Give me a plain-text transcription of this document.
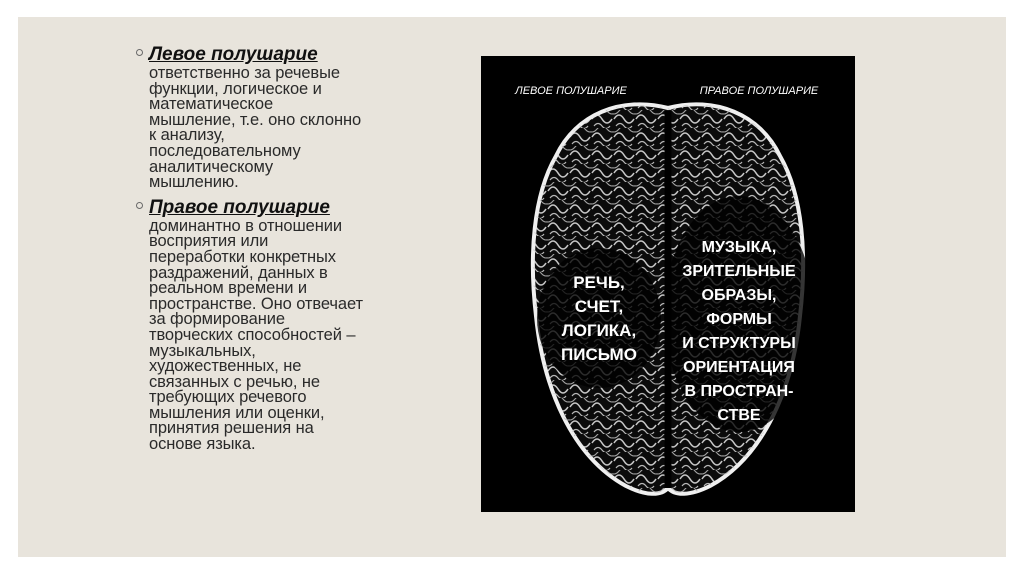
Левое полушарие
ответственно за речевые
функции, логическое и
математическое
мышление, т.е. оно склонно
к анализу,
последовательному
аналитическому
мышлению.
Правое полушарие
доминантно в отношении
восприятия или
переработки конкретных
раздражений, данных в
реальном времени и
пространстве. Оно отвечает
за формирование
творческих способностей –
музыкальных,
художественных, не
связанных с речью, не
требующих речевого
мышления или оценки,
принятия решения на
основе языка.
ЛЕВОЕ ПОЛУШАРИЕ	ПРАВОЕ ПОЛУШАРИЕ
РЕЧЬ,
СЧЕТ,
ЛОГИКА,
ПИСЬМО
МУЗЫКА,
ЗРИТЕЛЬНЫЕ
ОБРАЗЫ,
ФОРМЫ
И СТРУКТУРЫ
ОРИЕНТАЦИЯ
В ПРОСТРАН-
СТВЕ
